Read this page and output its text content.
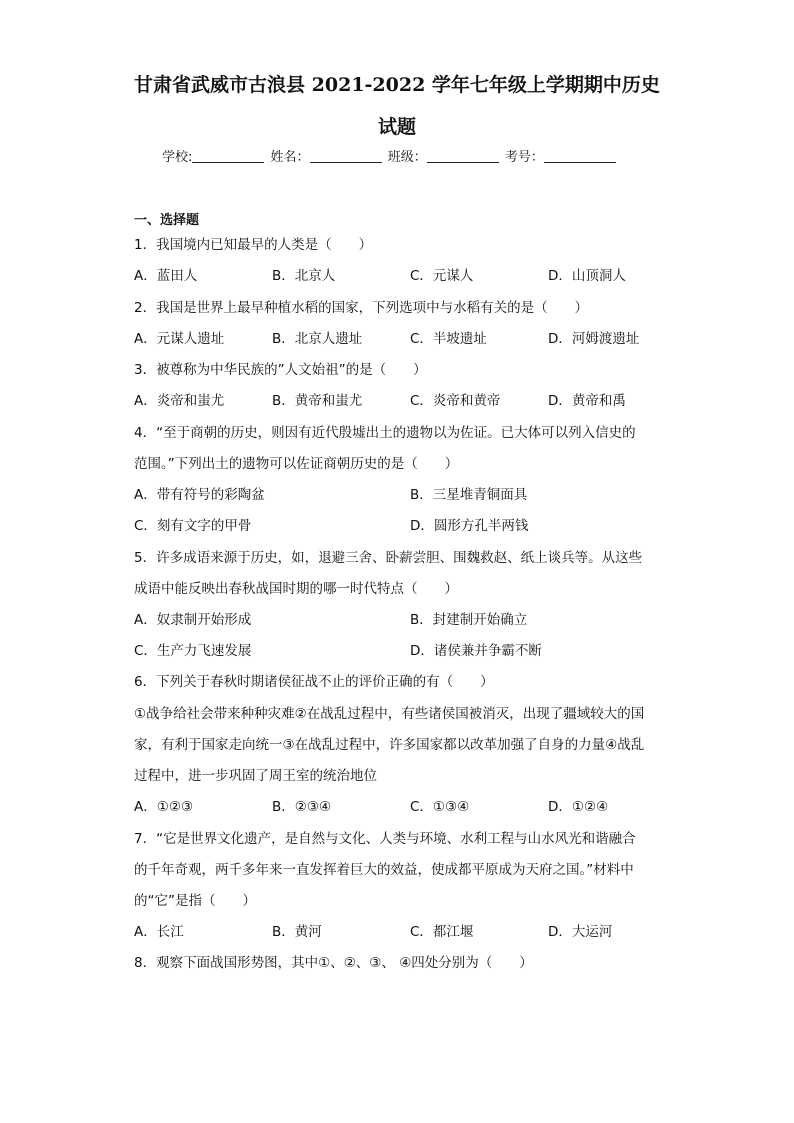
甘肃省武威市古浪县 2021-2022 学年七年级上学期期中历史
试题
学校:	姓名：	班级：	考号：
一、选择题
1．我国境内已知最早的人类是（　　）
A．蓝田人	B．北京人	C．元谋人	D．山顶洞人
2．我国是世界上最早种植水稻的国家，下列选项中与水稻有关的是（　　）
A．元谋人遗址	B．北京人遗址	C．半坡遗址	D．河姆渡遗址
3．被尊称为中华民族的”人文始祖”的是（　　）
A．炎帝和蚩尤	B．黄帝和蚩尤	C．炎帝和黄帝	D．黄帝和禹
4．“至于商朝的历史，则因有近代殷墟出土的遗物以为佐证。已大体可以列入信史的
范围。”下列出土的遗物可以佐证商朝历史的是（　　）
A．带有符号的彩陶盆	B．三星堆青铜面具
C．刻有文字的甲骨	D．圆形方孔半两钱
5．许多成语来源于历史，如，退避三舍、卧薪尝胆、围魏救赵、纸上谈兵等。从这些
成语中能反映出春秋战国时期的哪一时代特点（　　）
A．奴隶制开始形成	B．封建制开始确立
C．生产力飞速发展	D．诸侯兼并争霸不断
6．下列关于春秋时期诸侯征战不止的评价正确的有（　　）
①战争给社会带来种种灾难②在战乱过程中，有些诸侯国被消灭，出现了疆域较大的国
家，有利于国家走向统一③在战乱过程中，许多国家都以改革加强了自身的力量④战乱
过程中，进一步巩固了周王室的统治地位
A．①②③	B．②③④	C．①③④	D．①②④
7．“它是世界文化遗产，是自然与文化、人类与环境、水利工程与山水风光和谐融合
的千年奇观，两千多年来一直发挥着巨大的效益，使成都平原成为天府之国。”材料中
的“它”是指（　　）
A．长江	B．黄河	C．都江堰	D．大运河
8．观察下面战国形势图，其中①、②、③、 ④四处分别为（　　）
